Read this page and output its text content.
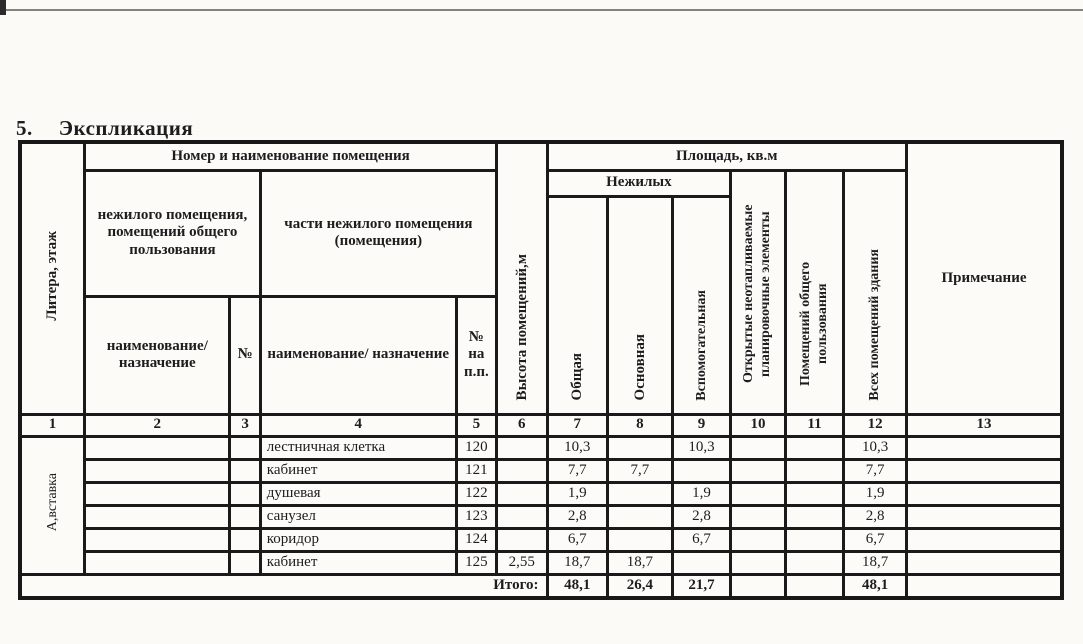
5. Экспликация
Литера, этаж	Номер и наименование помещения				Высота помещений,м	Площадь, кв.м						Примечание
	нежилого помещения, помещений общего пользования		части нежилого помещения (помещения)			Нежилых			Открытые неотапливаемые планировочные элементы	Помещений общего пользования	Всех помещений здания	
						Общая	Основная	Вспомогательная				
	наименование/ назначение	№	наименование/ назначение	№ на п.п.								
1	2	3	4	5	6	7	8	9	10	11	12	13
А,вставка			лестничная клетка	120		10,3		10,3			10,3	
			кабинет	121		7,7	7,7				7,7	
			душевая	122		1,9		1,9			1,9	
			санузел	123		2,8		2,8			2,8	
			коридор	124		6,7		6,7			6,7	
			кабинет	125	2,55	18,7	18,7				18,7	
Итого:						48,1	26,4	21,7			48,1	
